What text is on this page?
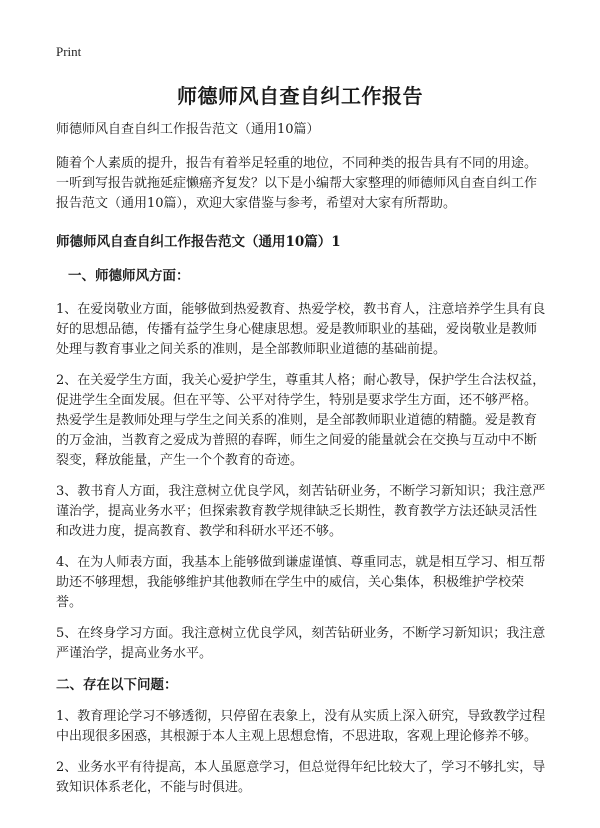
Print
师德师风自查自纠工作报告

师德师风自查自纠工作报告范文（通用10篇）

随着个人素质的提升，报告有着举足轻重的地位，不同种类的报告具有不同的用途。一听到写报告就拖延症懒癌齐复发？以下是小编帮大家整理的师德师风自查自纠工作报告范文（通用10篇），欢迎大家借鉴与参考，希望对大家有所帮助。

师德师风自查自纠工作报告范文（通用10篇）1

一、师德师风方面：

1、在爱岗敬业方面，能够做到热爱教育、热爱学校，教书育人，注意培养学生具有良好的思想品德，传播有益学生身心健康思想。爱是教师职业的基础，爱岗敬业是教师处理与教育事业之间关系的准则，是全部教师职业道德的基础前提。

2、在关爱学生方面，我关心爱护学生，尊重其人格；耐心教导，保护学生合法权益，促进学生全面发展。但在平等、公平对待学生，特别是要求学生方面，还不够严格。热爱学生是教师处理与学生之间关系的准则，是全部教师职业道德的精髓。爱是教育的万金油，当教育之爱成为普照的春晖，师生之间爱的能量就会在交换与互动中不断裂变，释放能量，产生一个个教育的奇迹。

3、教书育人方面，我注意树立优良学风，刻苦钻研业务，不断学习新知识；我注意严谨治学，提高业务水平；但探索教育教学规律缺乏长期性，教育教学方法还缺灵活性和改进力度，提高教育、教学和科研水平还不够。

4、在为人师表方面，我基本上能够做到谦虚谨慎、尊重同志，就是相互学习、相互帮助还不够理想，我能够维护其他教师在学生中的威信，关心集体，积极维护学校荣誉。

5、在终身学习方面。我注意树立优良学风，刻苦钻研业务，不断学习新知识；我注意严谨治学，提高业务水平。

二、存在以下问题：

1、教育理论学习不够透彻，只停留在表象上，没有从实质上深入研究，导致教学过程中出现很多困惑，其根源于本人主观上思想怠惰，不思进取，客观上理论修养不够。

2、业务水平有待提高，本人虽愿意学习，但总觉得年纪比较大了，学习不够扎实，导致知识体系老化，不能与时俱进。
